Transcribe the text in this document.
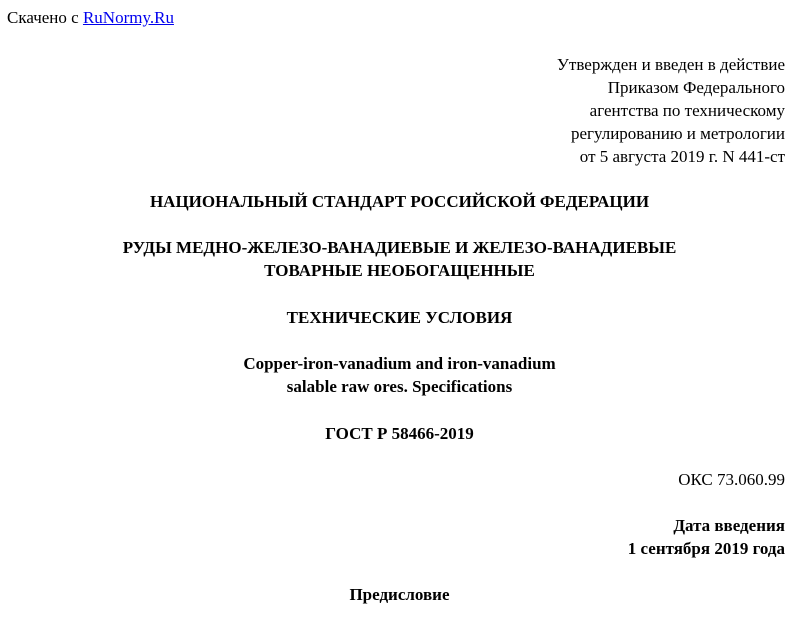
Скачено с RuNormy.Ru
Утвержден и введен в действие
Приказом Федерального
агентства по техническому
регулированию и метрологии
от 5 августа 2019 г. N 441-ст
НАЦИОНАЛЬНЫЙ СТАНДАРТ РОССИЙСКОЙ ФЕДЕРАЦИИ
РУДЫ МЕДНО-ЖЕЛЕЗО-ВАНАДИЕВЫЕ И ЖЕЛЕЗО-ВАНАДИЕВЫЕ
ТОВАРНЫЕ НЕОБОГАЩЕННЫЕ
ТЕХНИЧЕСКИЕ УСЛОВИЯ
Copper-iron-vanadium and iron-vanadium
salable raw ores. Specifications
ГОСТ Р 58466-2019
ОКС 73.060.99
Дата введения
1 сентября 2019 года
Предисловие
